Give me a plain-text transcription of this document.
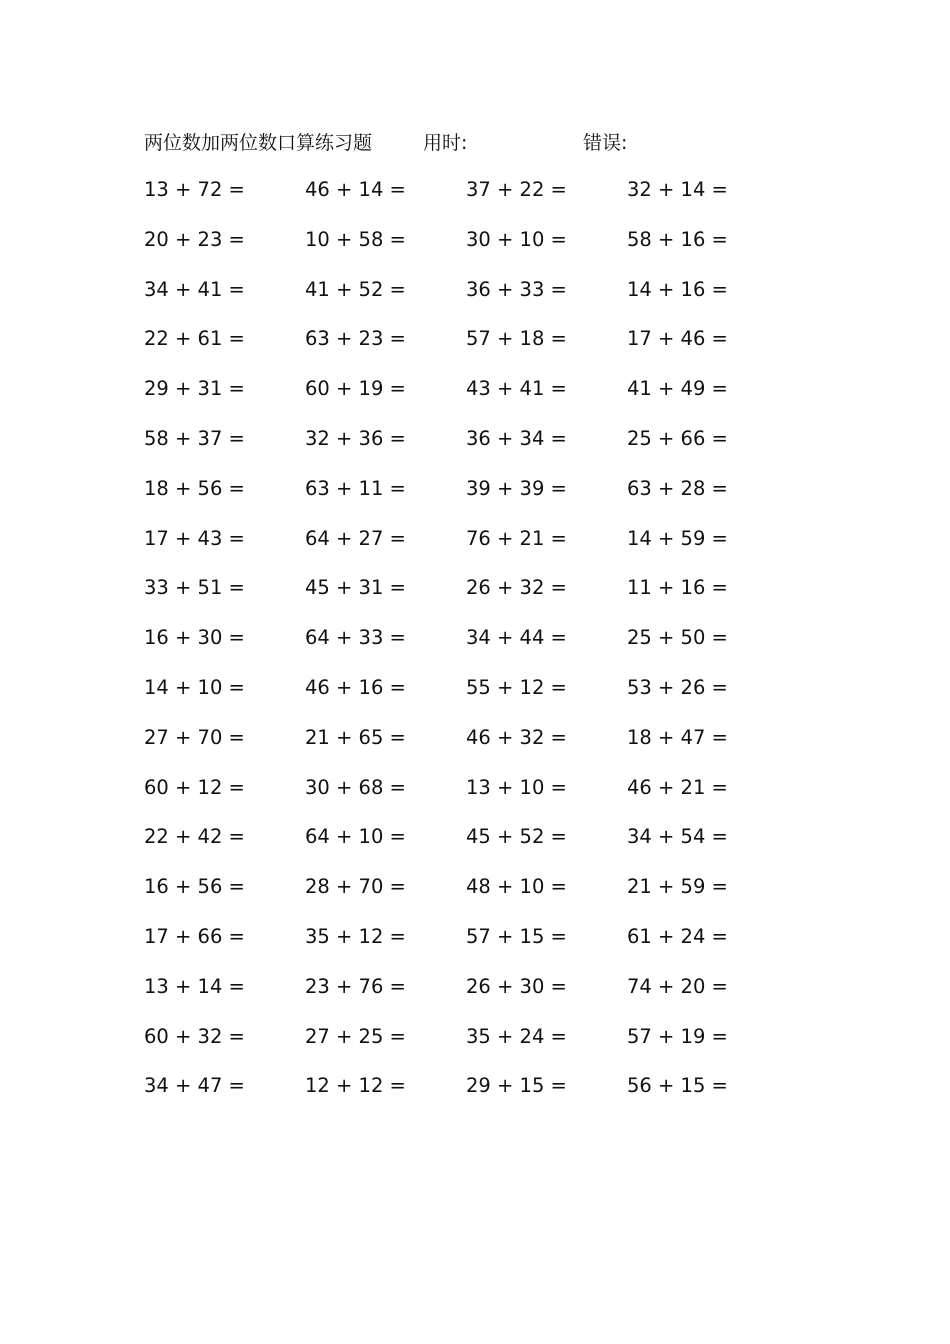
两位数加两位数口算练习题	用时:	错误:
13 + 72 =	46 + 14 =	37 + 22 =	32 + 14 =
20 + 23 =	10 + 58 =	30 + 10 =	58 + 16 =
34 + 41 =	41 + 52 =	36 + 33 =	14 + 16 =
22 + 61 =	63 + 23 =	57 + 18 =	17 + 46 =
29 + 31 =	60 + 19 =	43 + 41 =	41 + 49 =
58 + 37 =	32 + 36 =	36 + 34 =	25 + 66 =
18 + 56 =	63 + 11 =	39 + 39 =	63 + 28 =
17 + 43 =	64 + 27 =	76 + 21 =	14 + 59 =
33 + 51 =	45 + 31 =	26 + 32 =	11 + 16 =
16 + 30 =	64 + 33 =	34 + 44 =	25 + 50 =
14 + 10 =	46 + 16 =	55 + 12 =	53 + 26 =
27 + 70 =	21 + 65 =	46 + 32 =	18 + 47 =
60 + 12 =	30 + 68 =	13 + 10 =	46 + 21 =
22 + 42 =	64 + 10 =	45 + 52 =	34 + 54 =
16 + 56 =	28 + 70 =	48 + 10 =	21 + 59 =
17 + 66 =	35 + 12 =	57 + 15 =	61 + 24 =
13 + 14 =	23 + 76 =	26 + 30 =	74 + 20 =
60 + 32 =	27 + 25 =	35 + 24 =	57 + 19 =
34 + 47 =	12 + 12 =	29 + 15 =	56 + 15 =
